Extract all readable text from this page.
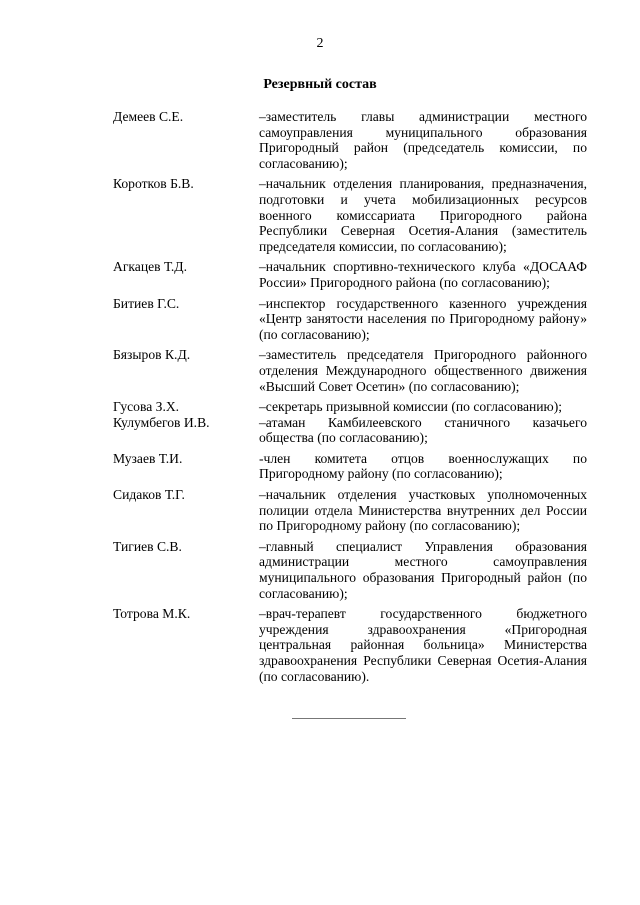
2
Резервный состав
Демеев С.Е.	–заместитель главы администрации местного самоуправления муниципального образования Пригородный район (председатель комиссии, по согласованию);
Коротков Б.В.	–начальник отделения планирования, предназначения, подготовки и учета мобилизационных ресурсов военного комиссариата Пригородного района Республики Северная Осетия-Алания (заместитель председателя комиссии, по согласованию);
Агкацев Т.Д.	–начальник спортивно-технического клуба «ДОСААФ России» Пригородного района (по согласованию);
Битиев Г.С.	–инспектор государственного казенного учреждения «Центр занятости населения по Пригородному району» (по согласованию);
Бязыров К.Д.	–заместитель председателя Пригородного районного отделения Международного общественного движения «Высший Совет Осетин» (по согласованию);
Гусова З.Х.	–секретарь призывной комиссии (по согласованию);
Кулумбегов И.В.	–атаман Камбилеевского станичного казачьего общества (по согласованию);
Музаев Т.И.	-член комитета отцов военнослужащих по Пригородному району (по согласованию);
Сидаков Т.Г.	–начальник отделения участковых уполномоченных полиции отдела Министерства внутренних дел России по Пригородному району (по согласованию);
Тигиев С.В.	–главный специалист Управления образования администрации местного самоуправления муниципального образования Пригородный район (по согласованию);
Тотрова М.К.	–врач-терапевт государственного бюджетного учреждения здравоохранения «Пригородная центральная районная больница» Министерства здравоохранения Республики Северная Осетия-Алания (по согласованию).
